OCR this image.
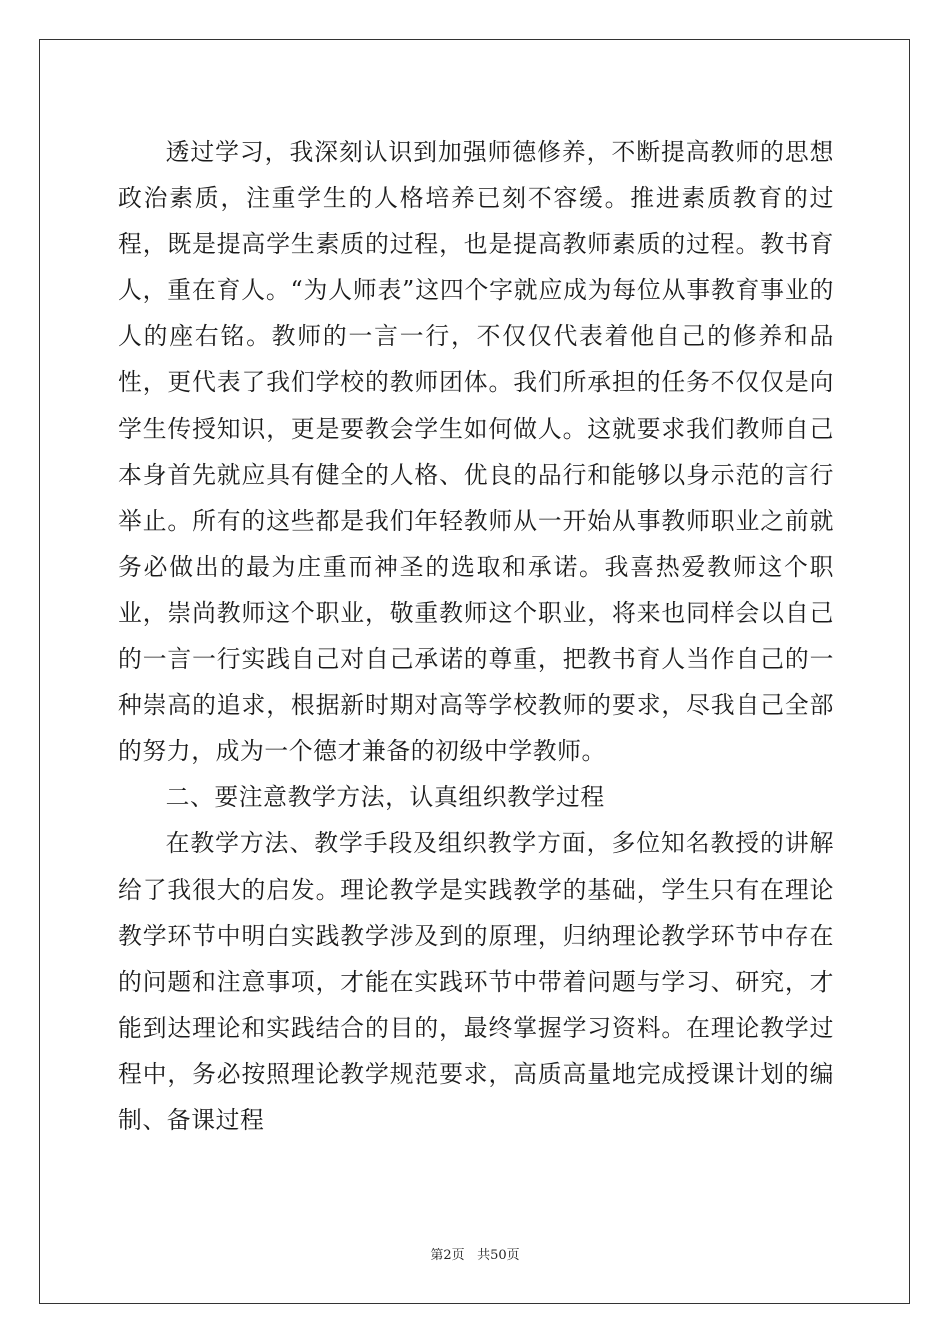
透过学习，我深刻认识到加强师德修养，不断提高教师的思想政治素质，注重学生的人格培养已刻不容缓。推进素质教育的过程，既是提高学生素质的过程，也是提高教师素质的过程。教书育人，重在育人。“为人师表”这四个字就应成为每位从事教育事业的人的座右铭。教师的一言一行，不仅仅代表着他自己的修养和品性，更代表了我们学校的教师团体。我们所承担的任务不仅仅是向学生传授知识，更是要教会学生如何做人。这就要求我们教师自己本身首先就应具有健全的人格、优良的品行和能够以身示范的言行举止。所有的这些都是我们年轻教师从一开始从事教师职业之前就务必做出的最为庄重而神圣的选取和承诺。我喜热爱教师这个职业，崇尚教师这个职业，敬重教师这个职业，将来也同样会以自己的一言一行实践自己对自己承诺的尊重，把教书育人当作自己的一种崇高的追求，根据新时期对高等学校教师的要求，尽我自己全部的努力，成为一个德才兼备的初级中学教师。

二、要注意教学方法，认真组织教学过程

在教学方法、教学手段及组织教学方面，多位知名教授的讲解给了我很大的启发。理论教学是实践教学的基础，学生只有在理论教学环节中明白实践教学涉及到的原理，归纳理论教学环节中存在的问题和注意事项，才能在实践环节中带着问题与学习、研究，才能到达理论和实践结合的目的，最终掌握学习资料。在理论教学过程中，务必按照理论教学规范要求，高质高量地完成授课计划的编制、备课过程

第2页 共50页
